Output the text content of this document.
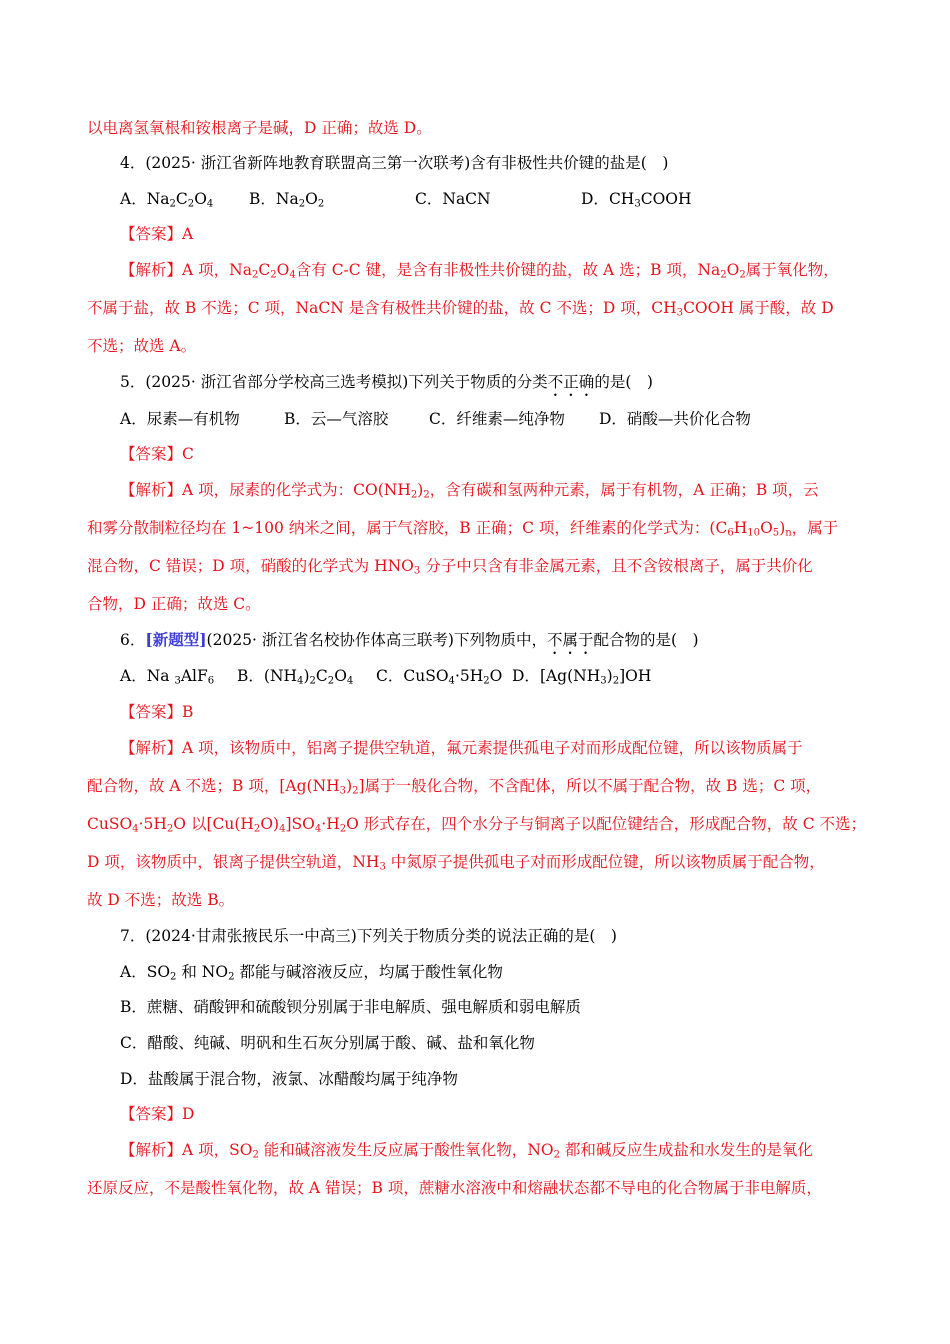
以电离氢氧根和铵根离子是碱，D 正确；故选 D。
4．(2025· 浙江省新阵地教育联盟高三第一次联考)含有非极性共价键的盐是(　)
A．$Na_2C_2O_4$ B．$Na_2O_2$	C．NaCN	D．$CH_3COOH$
【答案】A
【解析】A 项，$Na_2C_2O_4$含有 C-C 键，是含有非极性共价键的盐，故 A 选；B 项，$Na_2O_2$属于氧化物，
不属于盐，故 B 不选；C 项，NaCN 是含有极性共价键的盐，故 C 不选；D 项，$CH_3COOH$ 属于酸，故 D
不选；故选 A。
5．(2025· 浙江省部分学校高三选考模拟)下列关于物质的分类不正确的是(　)
A．尿素—有机物	B．云—气溶胶	C．纤维素—纯净物 D．硝酸—共价化合物
【答案】C
【解析】A 项，尿素的化学式为：$CO(NH_2)_2$，含有碳和氢两种元素，属于有机物，A 正确；B 项，云
和雾分散制粒径均在 1~100 纳米之间，属于气溶胶，B 正确；C 项，纤维素的化学式为：$(C_6H_{10}O_5)_n$，属于
混合物，C 错误；D 项，硝酸的化学式为 $HNO_3$ 分子中只含有非金属元素，且不含铵根离子，属于共价化
合物，D 正确；故选 C。
6．[新题型](2025· 浙江省名校协作体高三联考)下列物质中，不属于配合物的是(　)
A．Na $_3$AlF$_6$ B．$(NH_4)_2C_2O_4$ C．$CuSO_4\cdot 5H_2O$ D．$[Ag(NH_3)_2]OH$
【答案】B
【解析】A 项，该物质中，铝离子提供空轨道，氟元素提供孤电子对而形成配位键，所以该物质属于
配合物，故 A 不选；B 项，$[Ag(NH_3)_2]$属于一般化合物，不含配体，所以不属于配合物，故 B 选；C 项，
$CuSO_4\cdot 5H_2O$ 以$[Cu(H_2O)_4]SO_4\cdot H_2O$ 形式存在，四个水分子与铜离子以配位键结合，形成配合物，故 C 不选；
D 项，该物质中，银离子提供空轨道，$NH_3$ 中氮原子提供孤电子对而形成配位键，所以该物质属于配合物，
故 D 不选；故选 B。
7．(2024·甘肃张掖民乐一中高三)下列关于物质分类的说法正确的是(　)
A．$SO_2$ 和 $NO_2$ 都能与碱溶液反应，均属于酸性氧化物
B．蔗糖、硝酸钾和硫酸钡分别属于非电解质、强电解质和弱电解质
C．醋酸、纯碱、明矾和生石灰分别属于酸、碱、盐和氧化物
D．盐酸属于混合物，液氯、冰醋酸均属于纯净物
【答案】D
【解析】A 项，$SO_2$ 能和碱溶液发生反应属于酸性氧化物，$NO_2$ 都和碱反应生成盐和水发生的是氧化
还原反应，不是酸性氧化物，故 A 错误；B 项，蔗糖水溶液中和熔融状态都不导电的化合物属于非电解质，
